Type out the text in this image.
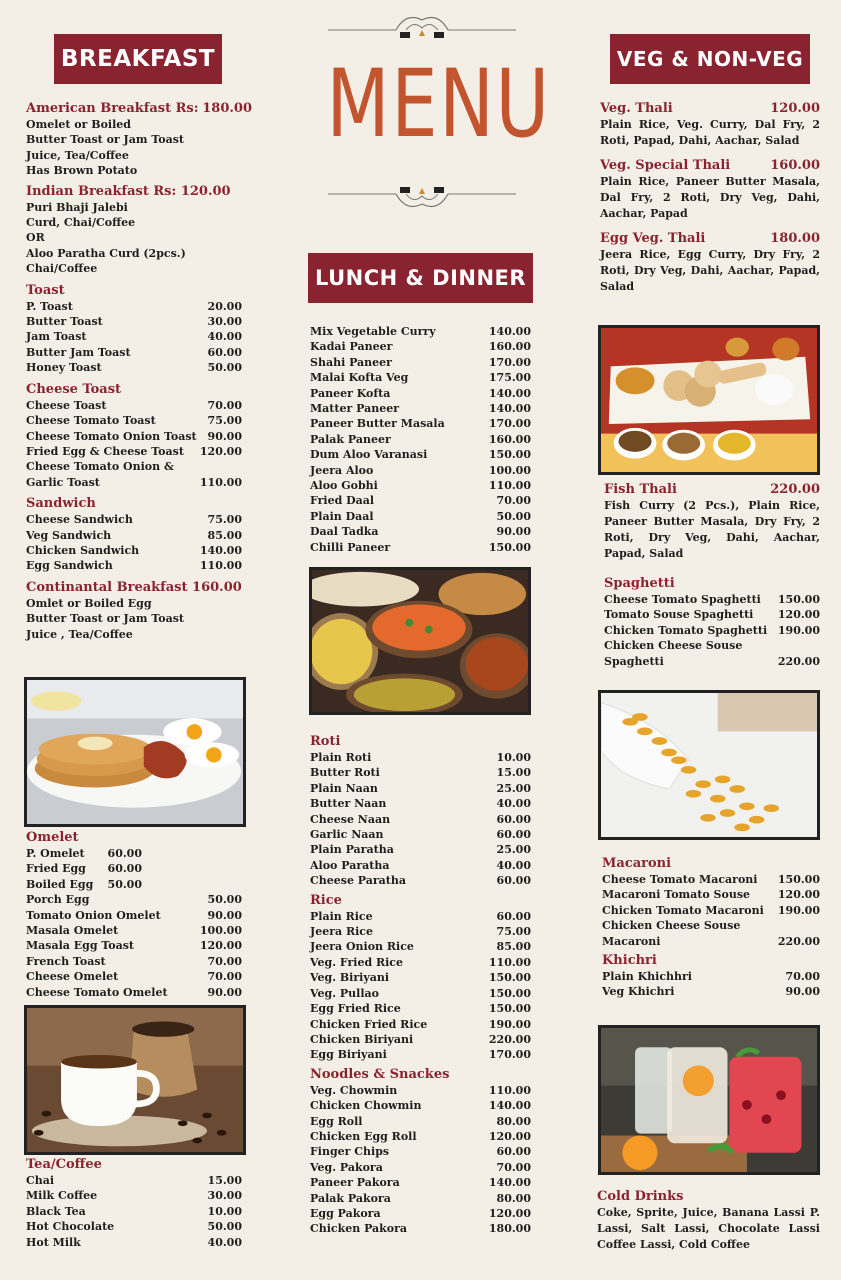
BREAKFAST
American Breakfast Rs: 180.00
Omelet or Boiled
Butter Toast or Jam Toast
Juice, Tea/Coffee
Has Brown Potato
Indian Breakfast Rs: 120.00
Puri Bhaji Jalebi
Curd, Chai/Coffee
OR
Aloo Paratha Curd (2pcs.)
Chai/Coffee
Toast
P. Toast	20.00
Butter Toast	30.00
Jam Toast	40.00
Butter Jam Toast	60.00
Honey Toast	50.00
Cheese Toast
Cheese Toast	70.00
Cheese Tomato Toast	75.00
Cheese Tomato Onion Toast 90.00
Fried Egg & Cheese Toast	120.00
Cheese Tomato Onion &
Garlic Toast	110.00
Sandwich
Cheese Sandwich	75.00
Veg Sandwich	85.00
Chicken Sandwich	140.00
Egg Sandwich	110.00
Continantal Breakfast 160.00
Omlet or Boiled Egg
Butter Toast or Jam Toast
Juice , Tea/Coffee
Omelet
P. Omelet	60.00
Fried Egg	60.00
Boiled Egg	50.00
Porch Egg	50.00
Tomato Onion Omelet	90.00
Masala Omelet	100.00
Masala Egg Toast	120.00
French Toast	70.00
Cheese Omelet	70.00
Cheese Tomato Omelet	90.00
Tea/Coffee
Chai	15.00
Milk Coffee	30.00
Black Tea	10.00
Hot Chocolate	50.00
Hot Milk	40.00
MENU
LUNCH & DINNER
Mix Vegetable Curry	140.00
Kadai Paneer	160.00
Shahi Paneer	170.00
Malai Kofta Veg	175.00
Paneer Kofta	140.00
Matter Paneer	140.00
Paneer Butter Masala	170.00
Palak Paneer	160.00
Dum Aloo Varanasi	150.00
Jeera Aloo	100.00
Aloo Gobhi	110.00
Fried Daal	70.00
Plain Daal	50.00
Daal Tadka	90.00
Chilli Paneer	150.00
Roti
Plain Roti	10.00
Butter Roti	15.00
Plain Naan	25.00
Butter Naan	40.00
Cheese Naan	60.00
Garlic Naan	60.00
Plain Paratha	25.00
Aloo Paratha	40.00
Cheese Paratha	60.00
Rice
Plain Rice	60.00
Jeera Rice	75.00
Jeera Onion Rice	85.00
Veg. Fried Rice	110.00
Veg. Biriyani	150.00
Veg. Pullao	150.00
Egg Fried Rice	150.00
Chicken Fried Rice	190.00
Chicken Biriyani	220.00
Egg Biriyani	170.00
Noodles & Snackes
Veg. Chowmin	110.00
Chicken Chowmin	140.00
Egg Roll	80.00
Chicken Egg Roll	120.00
Finger Chips	60.00
Veg. Pakora	70.00
Paneer Pakora	140.00
Palak Pakora	80.00
Egg Pakora	120.00
Chicken Pakora	180.00
VEG & NON-VEG
Veg. Thali	120.00
Plain Rice, Veg. Curry, Dal Fry, 2 Roti, Papad, Dahi, Aachar, Salad
Veg. Special Thali	160.00
Plain Rice, Paneer Butter Masala, Dal Fry, 2 Roti, Dry Veg, Dahi, Aachar, Papad
Egg Veg. Thali	180.00
Jeera Rice, Egg Curry, Dry Fry, 2 Roti, Dry Veg, Dahi, Aachar, Papad, Salad
Fish Thali	220.00
Fish Curry (2 Pcs.), Plain Rice, Paneer Butter Masala, Dry Fry, 2 Roti, Dry Veg, Dahi, Aachar, Papad, Salad
Spaghetti
Cheese Tomato Spaghetti	150.00
Tomato Souse Spaghetti	120.00
Chicken Tomato Spaghetti 190.00
Chicken Cheese Souse
Spaghetti	220.00
Macaroni
Cheese Tomato Macaroni	150.00
Macaroni Tomato Souse	120.00
Chicken Tomato Macaroni	190.00
Chicken Cheese Souse
Macaroni	220.00
Khichri
Plain Khichhri	70.00
Veg Khichri	90.00
Cold Drinks
Coke, Sprite, Juice, Banana Lassi P. Lassi, Salt Lassi, Chocolate Lassi Coffee Lassi, Cold Coffee
